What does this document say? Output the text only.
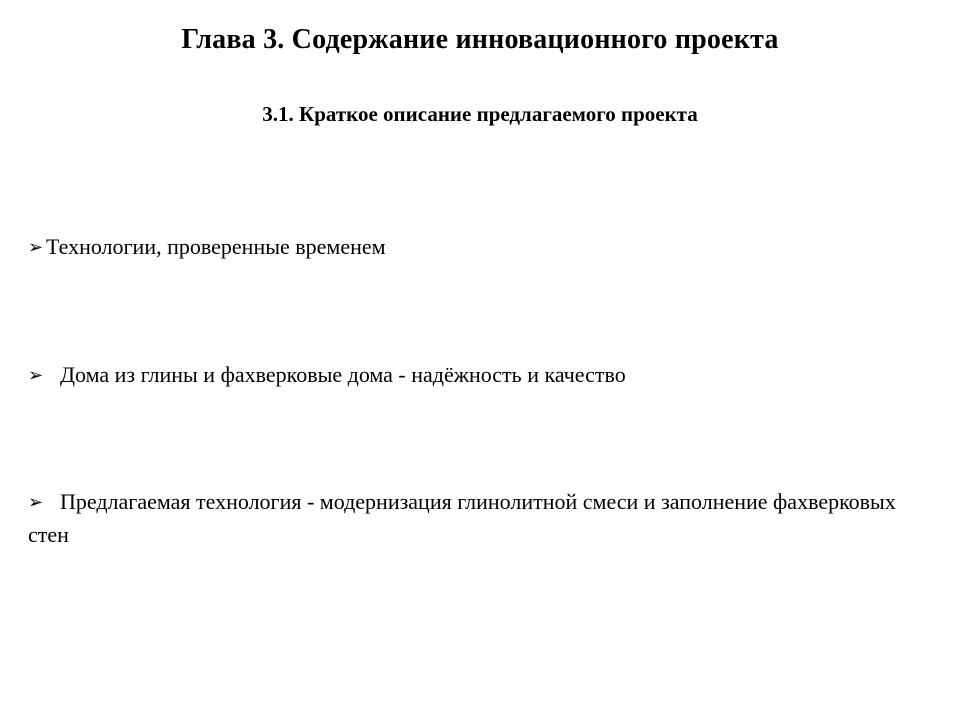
Глава 3. Содержание инновационного проекта
3.1. Краткое описание предлагаемого проекта
➢ Технологии, проверенные временем
➢ Дома из глины и фахверковые дома - надёжность и качество
➢ Предлагаемая технология - модернизация глинолитной смеси и заполнение фахверковых стен
